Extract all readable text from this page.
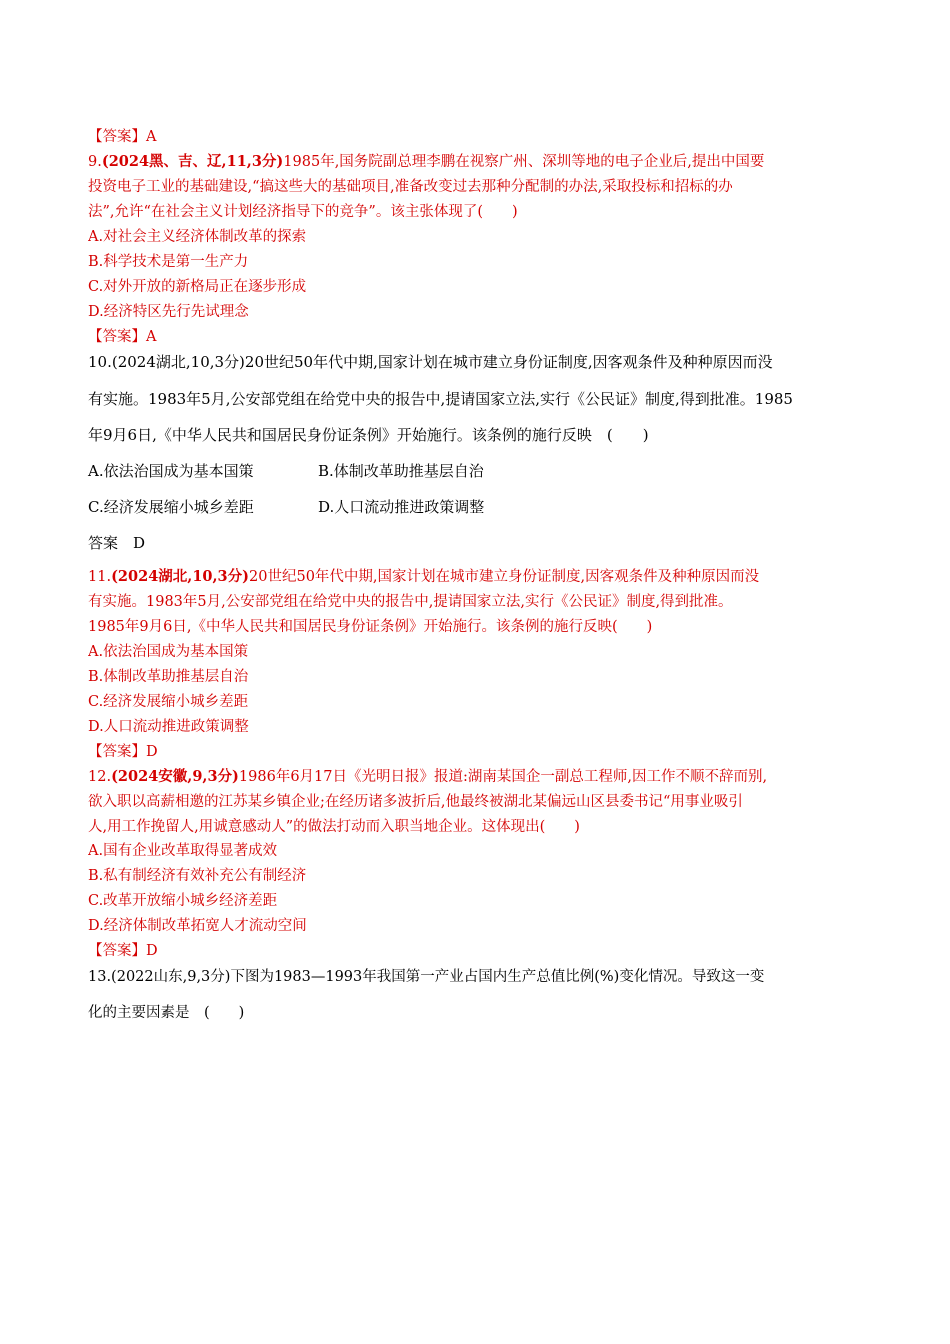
【答案】A
9.(2024黑、吉、辽,11,3分)1985年,国务院副总理李鹏在视察广州、深圳等地的电子企业后,提出中国要
投资电子工业的基础建设,“搞这些大的基础项目,准备改变过去那种分配制的办法,采取投标和招标的办
法”,允许“在社会主义计划经济指导下的竞争”。该主张体现了(　　)
A.对社会主义经济体制改革的探索
B.科学技术是第一生产力
C.对外开放的新格局正在逐步形成
D.经济特区先行先试理念
【答案】A
10.(2024湖北,10,3分)20世纪50年代中期,国家计划在城市建立身份证制度,因客观条件及种种原因而没
有实施。1983年5月,公安部党组在给党中央的报告中,提请国家立法,实行《公民证》制度,得到批准。1985
年9月6日,《中华人民共和国居民身份证条例》开始施行。该条例的施行反映　(　　)
A.依法治国成为基本国策	B.体制改革助推基层自治
C.经济发展缩小城乡差距	D.人口流动推进政策调整
答案　D
11.(2024湖北,10,3分)20世纪50年代中期,国家计划在城市建立身份证制度,因客观条件及种种原因而没
有实施。1983年5月,公安部党组在给党中央的报告中,提请国家立法,实行《公民证》制度,得到批准。
1985年9月6日,《中华人民共和国居民身份证条例》开始施行。该条例的施行反映(　　)
A.依法治国成为基本国策
B.体制改革助推基层自治
C.经济发展缩小城乡差距
D.人口流动推进政策调整
【答案】D
12.(2024安徽,9,3分)1986年6月17日《光明日报》报道:湖南某国企一副总工程师,因工作不顺不辞而别,
欲入职以高薪相邀的江苏某乡镇企业;在经历诸多波折后,他最终被湖北某偏远山区县委书记“用事业吸引
人,用工作挽留人,用诚意感动人”的做法打动而入职当地企业。这体现出(　　)
A.国有企业改革取得显著成效
B.私有制经济有效补充公有制经济
C.改革开放缩小城乡经济差距
D.经济体制改革拓宽人才流动空间
【答案】D
13.(2022山东,9,3分)下图为1983—1993年我国第一产业占国内生产总值比例(%)变化情况。导致这一变
化的主要因素是　(　　)
